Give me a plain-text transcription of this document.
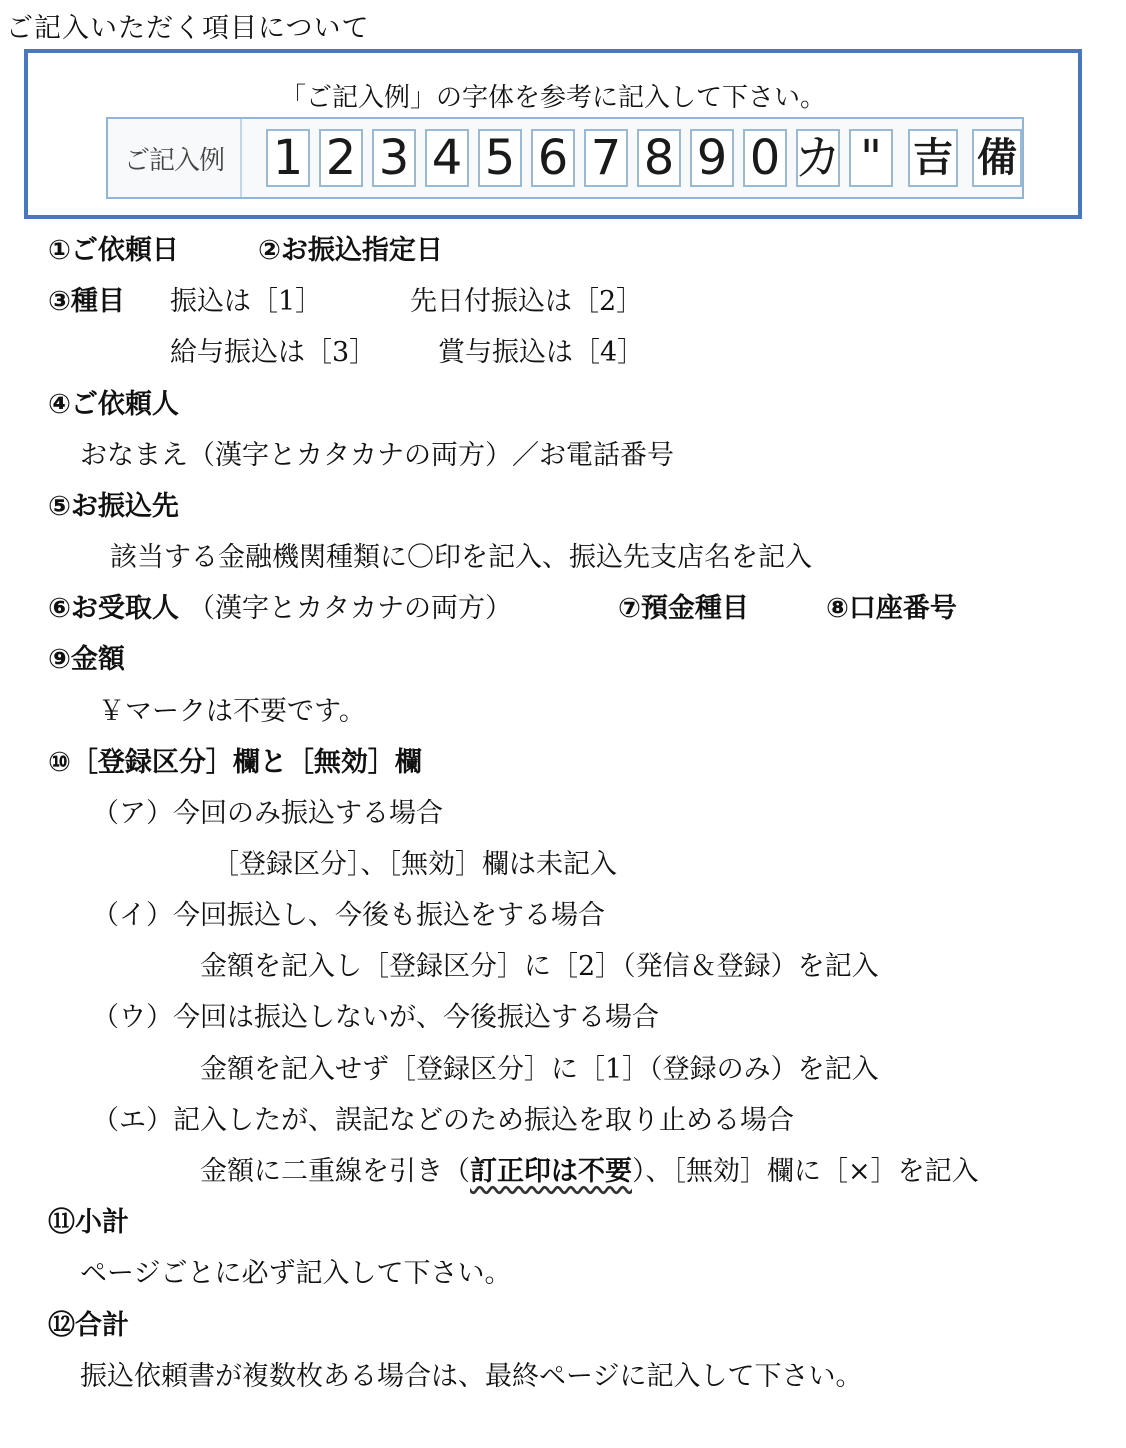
ご記入いただく項目について
「ご記入例」の字体を参考に記入して下さい。
ご記入例	1 2 3 4 5 6 7 8 9 0 カ " 吉 備
①ご依頼日	②お振込指定日
③種目 振込は［1］	先日付振込は［2］
給与振込は［3］ 賞与振込は［4］
④ご依頼人
おなまえ（漢字とカタカナの両方）／お電話番号
⑤お振込先
該当する金融機関種類に〇印を記入、振込先支店名を記入
⑥お受取人 （漢字とカタカナの両方）	⑦預金種目	⑧口座番号
⑨金額
￥マークは不要です。
⑩［登録区分］欄と［無効］欄
（ア）今回のみ振込する場合
［登録区分］、［無効］欄は未記入
（イ）今回振込し、今後も振込をする場合
金額を記入し［登録区分］に［2］（発信＆登録）を記入
（ウ）今回は振込しないが、今後振込する場合
金額を記入せず［登録区分］に［1］（登録のみ）を記入
（エ）記入したが、誤記などのため振込を取り止める場合
金額に二重線を引き（訂正印は不要）、［無効］欄に［×］を記入
⑪小計
ページごとに必ず記入して下さい。
⑫合計
振込依頼書が複数枚ある場合は、最終ページに記入して下さい。
